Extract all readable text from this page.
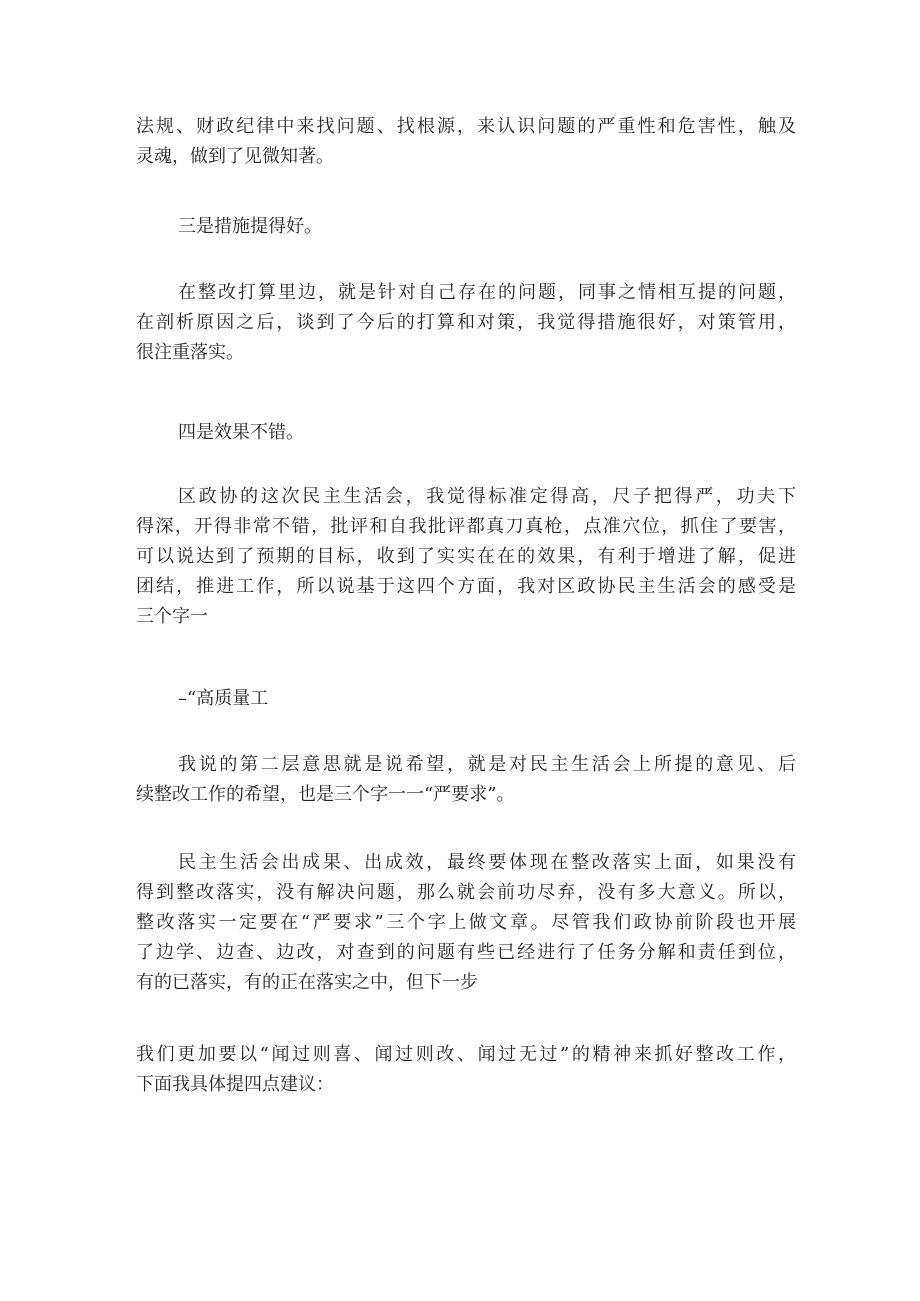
法规、财政纪律中来找问题、找根源，来认识问题的严重性和危害性，触及
灵魂，做到了见微知著。
三是措施提得好。
在整改打算里边，就是针对自己存在的问题，同事之情相互提的问题，
在剖析原因之后，谈到了今后的打算和对策，我觉得措施很好，对策管用，
很注重落实。
四是效果不错。
区政协的这次民主生活会，我觉得标准定得高，尺子把得严，功夫下
得深，开得非常不错，批评和自我批评都真刀真枪，点准穴位，抓住了要害，
可以说达到了预期的目标，收到了实实在在的效果，有利于增进了解，促进
团结，推进工作，所以说基于这四个方面，我对区政协民主生活会的感受是
三个字一
–“高质量工
我说的第二层意思就是说希望，就是对民主生活会上所提的意见、后
续整改工作的希望，也是三个字一一“严要求”。
民主生活会出成果、出成效，最终要体现在整改落实上面，如果没有
得到整改落实，没有解决问题，那么就会前功尽弃，没有多大意义。所以，
整改落实一定要在“严要求”三个字上做文章。尽管我们政协前阶段也开展
了边学、边查、边改，对查到的问题有些已经进行了任务分解和责任到位，
有的已落实，有的正在落实之中，但下一步
我们更加要以“闻过则喜、闻过则改、闻过无过”的精神来抓好整改工作，
下面我具体提四点建议：
